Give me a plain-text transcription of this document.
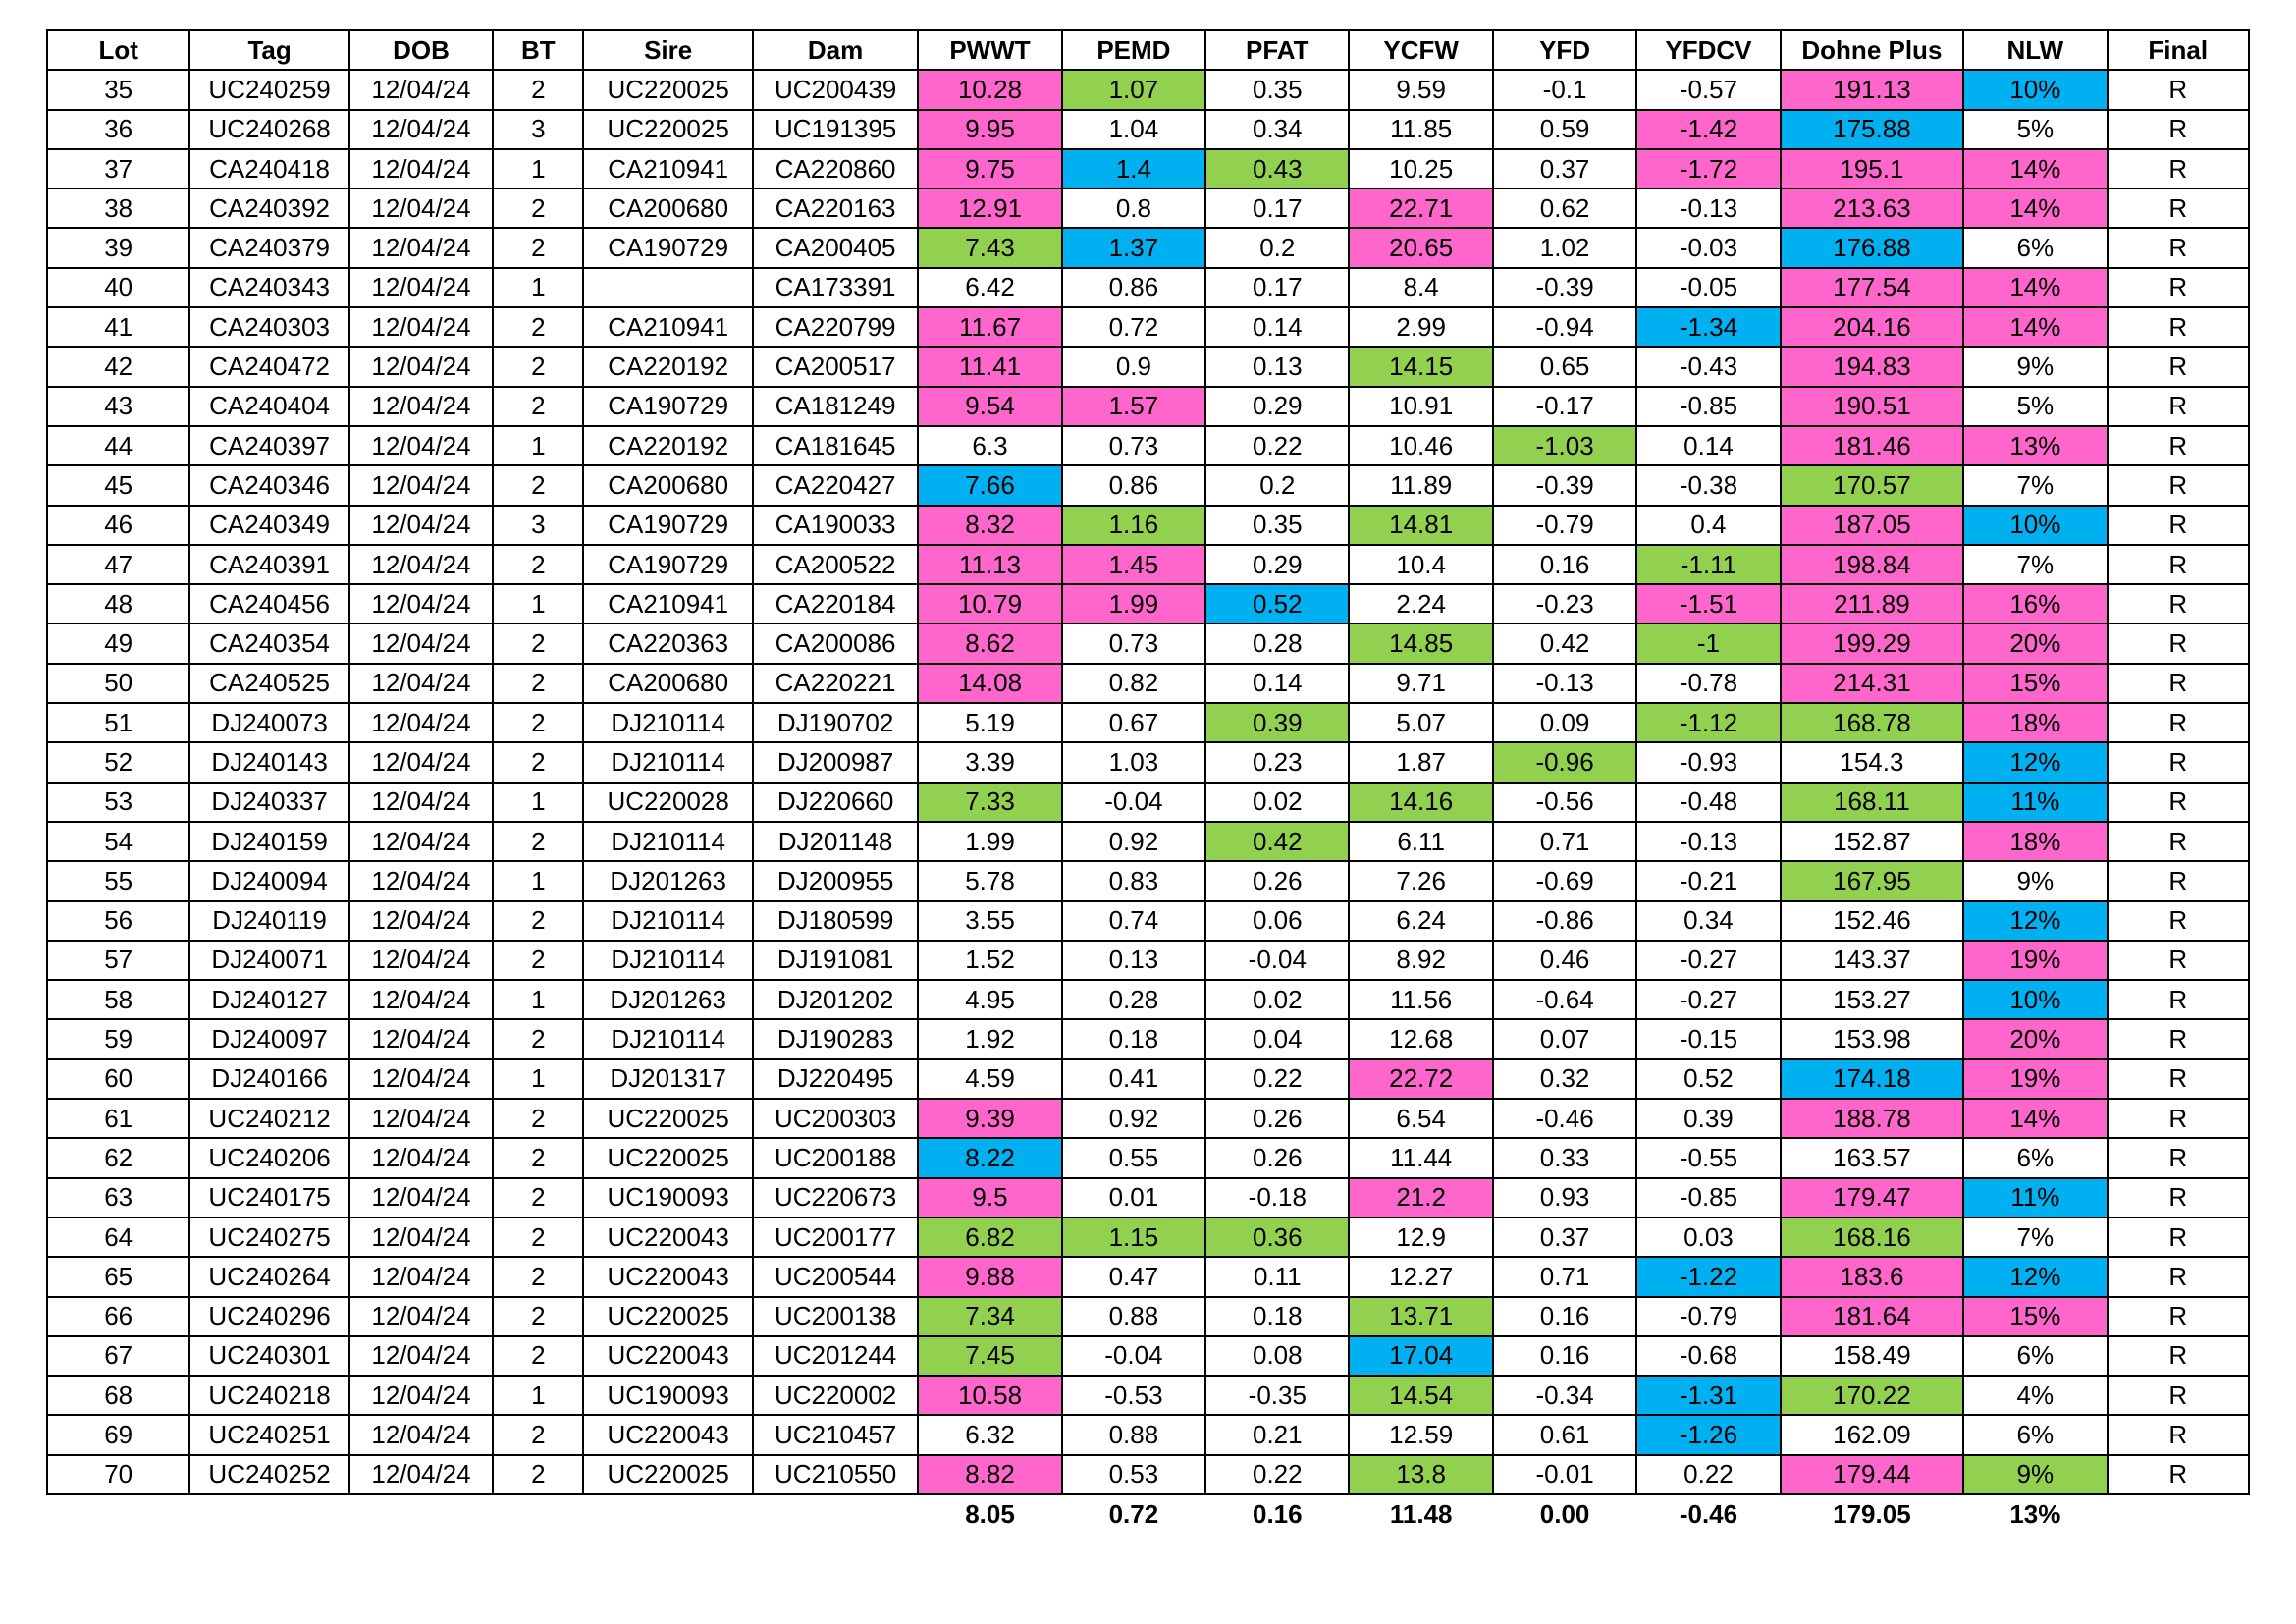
Lot	Tag	DOB	BT	Sire	Dam	PWWT	PEMD	PFAT	YCFW	YFD	YFDCV	Dohne Plus	NLW	Final
35	UC240259	12/04/24	2	UC220025	UC200439	10.28	1.07	0.35	9.59	-0.1	-0.57	191.13	10%	R
36	UC240268	12/04/24	3	UC220025	UC191395	9.95	1.04	0.34	11.85	0.59	-1.42	175.88	5%	R
37	CA240418	12/04/24	1	CA210941	CA220860	9.75	1.4	0.43	10.25	0.37	-1.72	195.1	14%	R
38	CA240392	12/04/24	2	CA200680	CA220163	12.91	0.8	0.17	22.71	0.62	-0.13	213.63	14%	R
39	CA240379	12/04/24	2	CA190729	CA200405	7.43	1.37	0.2	20.65	1.02	-0.03	176.88	6%	R
40	CA240343	12/04/24	1		CA173391	6.42	0.86	0.17	8.4	-0.39	-0.05	177.54	14%	R
41	CA240303	12/04/24	2	CA210941	CA220799	11.67	0.72	0.14	2.99	-0.94	-1.34	204.16	14%	R
42	CA240472	12/04/24	2	CA220192	CA200517	11.41	0.9	0.13	14.15	0.65	-0.43	194.83	9%	R
43	CA240404	12/04/24	2	CA190729	CA181249	9.54	1.57	0.29	10.91	-0.17	-0.85	190.51	5%	R
44	CA240397	12/04/24	1	CA220192	CA181645	6.3	0.73	0.22	10.46	-1.03	0.14	181.46	13%	R
45	CA240346	12/04/24	2	CA200680	CA220427	7.66	0.86	0.2	11.89	-0.39	-0.38	170.57	7%	R
46	CA240349	12/04/24	3	CA190729	CA190033	8.32	1.16	0.35	14.81	-0.79	0.4	187.05	10%	R
47	CA240391	12/04/24	2	CA190729	CA200522	11.13	1.45	0.29	10.4	0.16	-1.11	198.84	7%	R
48	CA240456	12/04/24	1	CA210941	CA220184	10.79	1.99	0.52	2.24	-0.23	-1.51	211.89	16%	R
49	CA240354	12/04/24	2	CA220363	CA200086	8.62	0.73	0.28	14.85	0.42	-1	199.29	20%	R
50	CA240525	12/04/24	2	CA200680	CA220221	14.08	0.82	0.14	9.71	-0.13	-0.78	214.31	15%	R
51	DJ240073	12/04/24	2	DJ210114	DJ190702	5.19	0.67	0.39	5.07	0.09	-1.12	168.78	18%	R
52	DJ240143	12/04/24	2	DJ210114	DJ200987	3.39	1.03	0.23	1.87	-0.96	-0.93	154.3	12%	R
53	DJ240337	12/04/24	1	UC220028	DJ220660	7.33	-0.04	0.02	14.16	-0.56	-0.48	168.11	11%	R
54	DJ240159	12/04/24	2	DJ210114	DJ201148	1.99	0.92	0.42	6.11	0.71	-0.13	152.87	18%	R
55	DJ240094	12/04/24	1	DJ201263	DJ200955	5.78	0.83	0.26	7.26	-0.69	-0.21	167.95	9%	R
56	DJ240119	12/04/24	2	DJ210114	DJ180599	3.55	0.74	0.06	6.24	-0.86	0.34	152.46	12%	R
57	DJ240071	12/04/24	2	DJ210114	DJ191081	1.52	0.13	-0.04	8.92	0.46	-0.27	143.37	19%	R
58	DJ240127	12/04/24	1	DJ201263	DJ201202	4.95	0.28	0.02	11.56	-0.64	-0.27	153.27	10%	R
59	DJ240097	12/04/24	2	DJ210114	DJ190283	1.92	0.18	0.04	12.68	0.07	-0.15	153.98	20%	R
60	DJ240166	12/04/24	1	DJ201317	DJ220495	4.59	0.41	0.22	22.72	0.32	0.52	174.18	19%	R
61	UC240212	12/04/24	2	UC220025	UC200303	9.39	0.92	0.26	6.54	-0.46	0.39	188.78	14%	R
62	UC240206	12/04/24	2	UC220025	UC200188	8.22	0.55	0.26	11.44	0.33	-0.55	163.57	6%	R
63	UC240175	12/04/24	2	UC190093	UC220673	9.5	0.01	-0.18	21.2	0.93	-0.85	179.47	11%	R
64	UC240275	12/04/24	2	UC220043	UC200177	6.82	1.15	0.36	12.9	0.37	0.03	168.16	7%	R
65	UC240264	12/04/24	2	UC220043	UC200544	9.88	0.47	0.11	12.27	0.71	-1.22	183.6	12%	R
66	UC240296	12/04/24	2	UC220025	UC200138	7.34	0.88	0.18	13.71	0.16	-0.79	181.64	15%	R
67	UC240301	12/04/24	2	UC220043	UC201244	7.45	-0.04	0.08	17.04	0.16	-0.68	158.49	6%	R
68	UC240218	12/04/24	1	UC190093	UC220002	10.58	-0.53	-0.35	14.54	-0.34	-1.31	170.22	4%	R
69	UC240251	12/04/24	2	UC220043	UC210457	6.32	0.88	0.21	12.59	0.61	-1.26	162.09	6%	R
70	UC240252	12/04/24	2	UC220025	UC210550	8.82	0.53	0.22	13.8	-0.01	0.22	179.44	9%	R
						8.05	0.72	0.16	11.48	0.00	-0.46	179.05	13%	
